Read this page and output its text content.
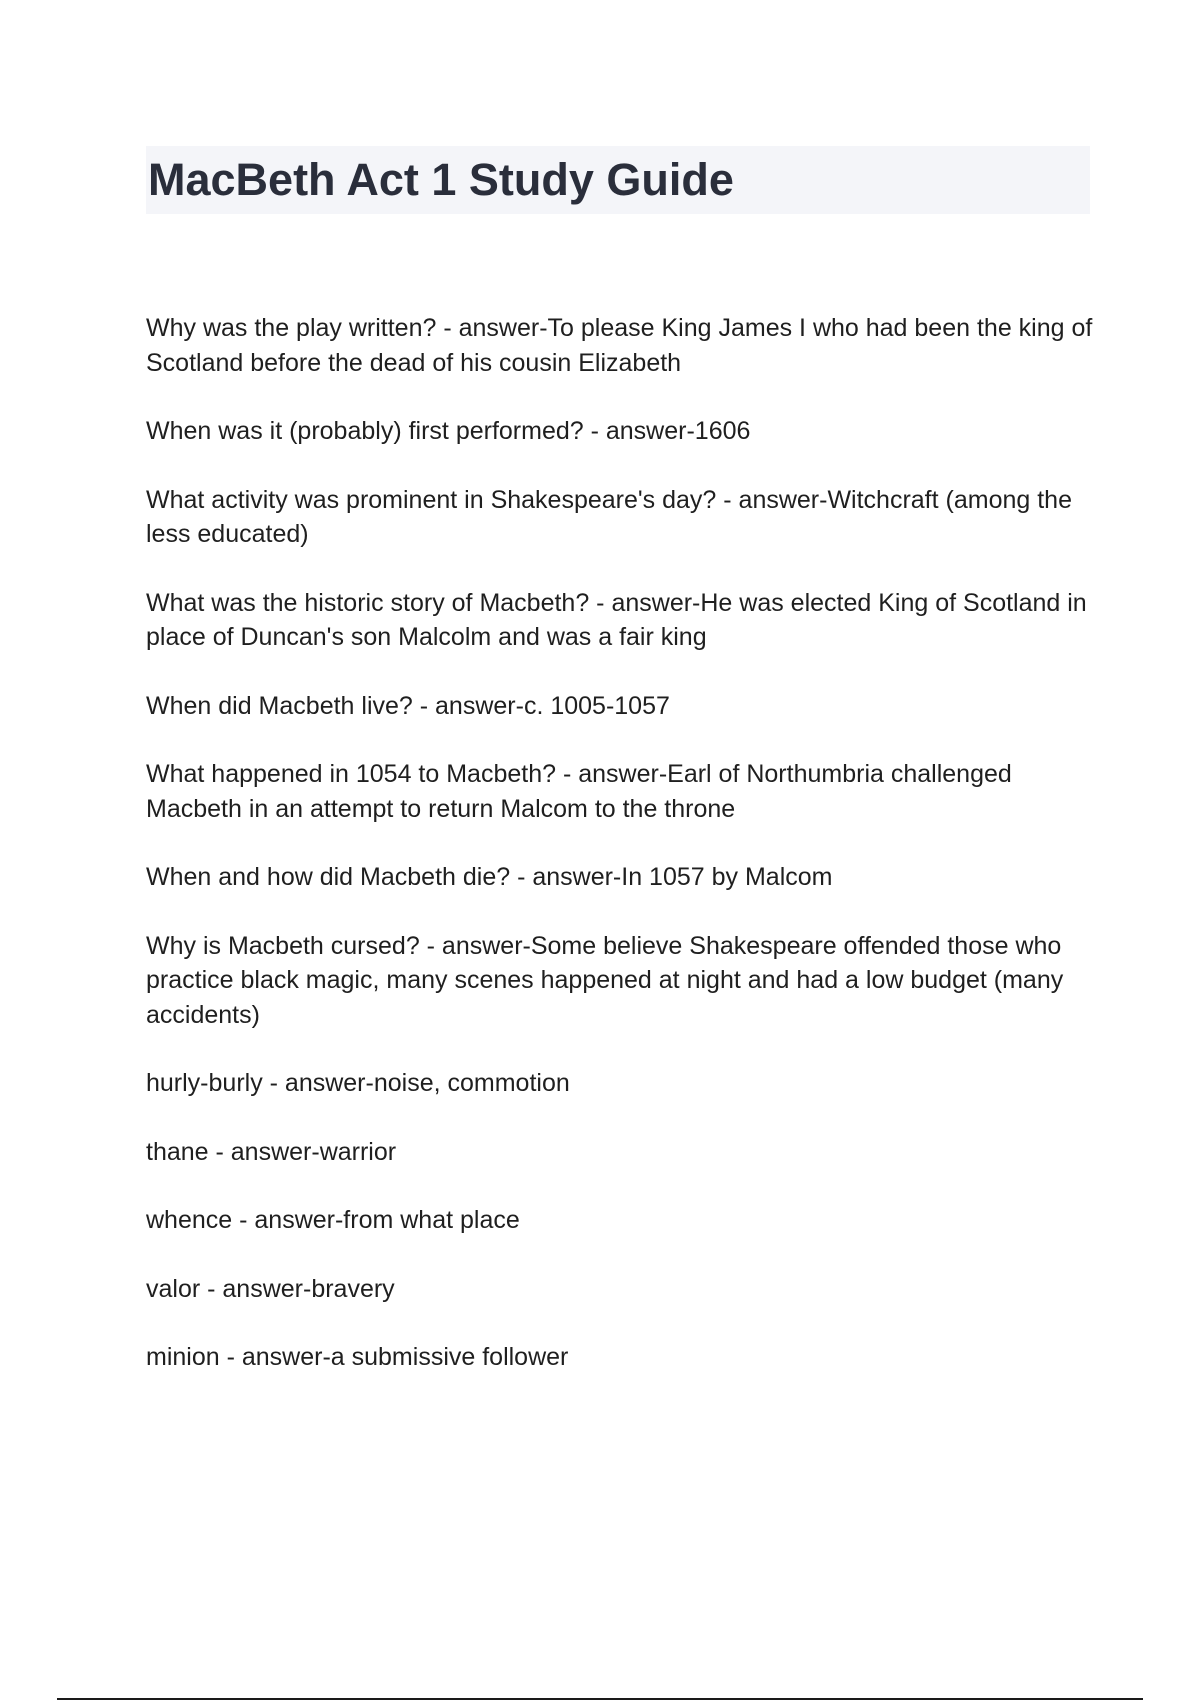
MacBeth Act 1 Study Guide
Why was the play written? - answer-To please King James I who had been the king of Scotland before the dead of his cousin Elizabeth
When was it (probably) first performed? - answer-1606
What activity was prominent in Shakespeare's day? - answer-Witchcraft (among the less educated)
What was the historic story of Macbeth? - answer-He was elected King of Scotland in place of Duncan's son Malcolm and was a fair king
When did Macbeth live? - answer-c. 1005-1057
What happened in 1054 to Macbeth? - answer-Earl of Northumbria challenged Macbeth in an attempt to return Malcom to the throne
When and how did Macbeth die? - answer-In 1057 by Malcom
Why is Macbeth cursed? - answer-Some believe Shakespeare offended those who practice black magic, many scenes happened at night and had a low budget (many accidents)
hurly-burly - answer-noise, commotion
thane - answer-warrior
whence - answer-from what place
valor - answer-bravery
minion - answer-a submissive follower
